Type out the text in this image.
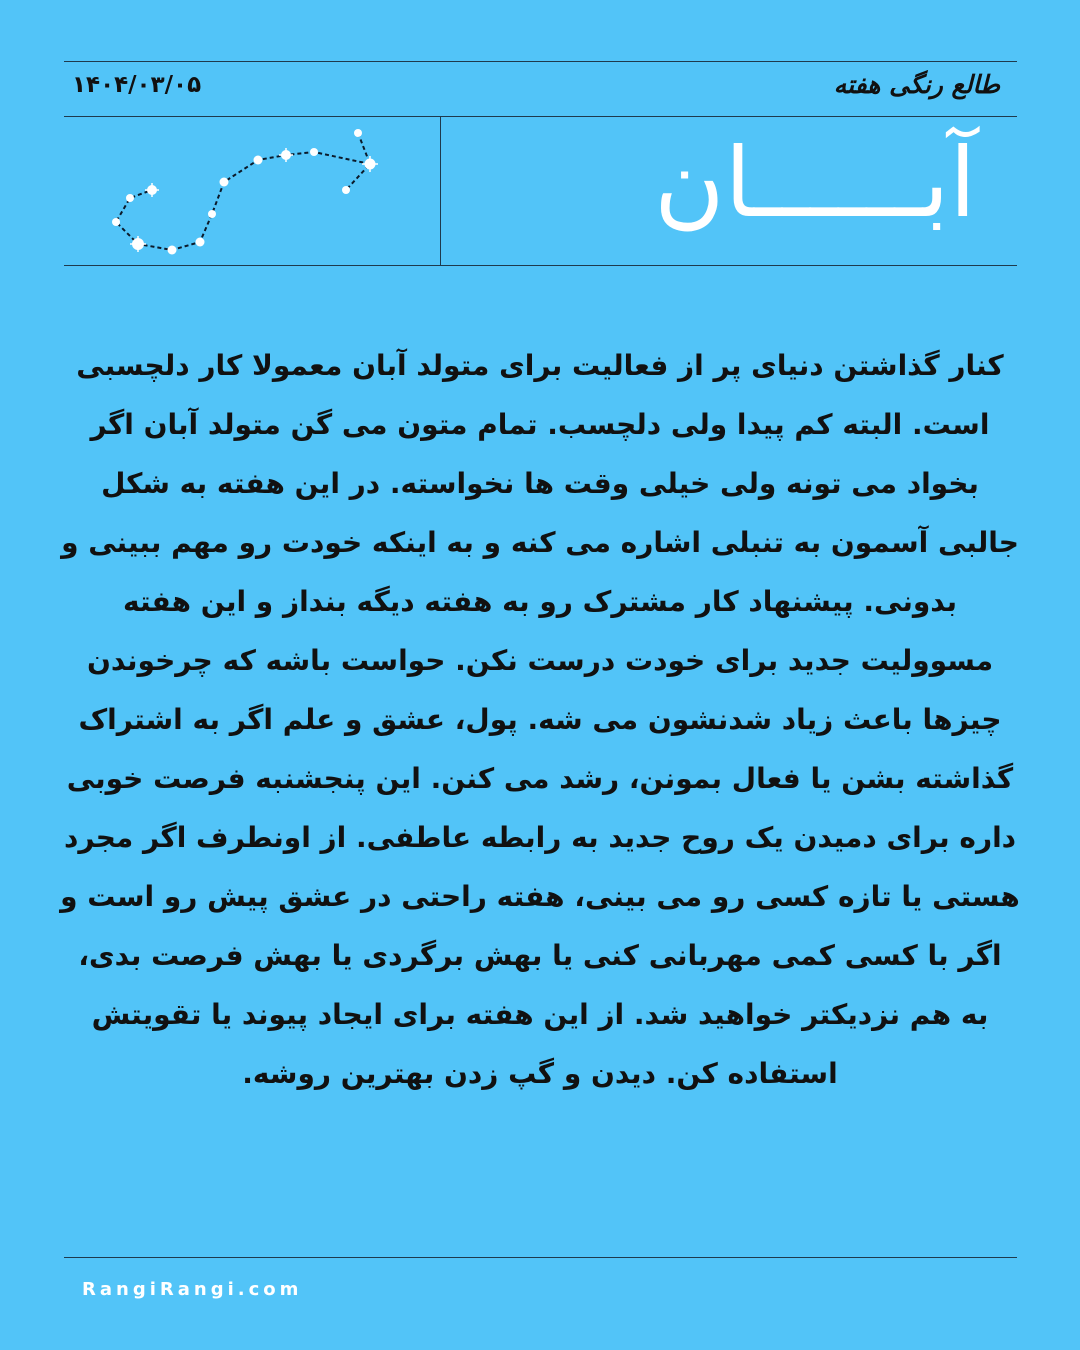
طالع رنگی هفته
۱۴۰۴/۰۳/۰۵
آبــــــان

کنار گذاشتن دنیای پر از فعالیت برای متولد آبان معمولا کار دلچسبی است. البته کم پیدا ولی دلچسب. تمام متون می گن متولد آبان اگر بخواد می تونه ولی خیلی وقت ها نخواسته. در این هفته به شکل جالبی آسمون به تنبلی اشاره می کنه و به اینکه خودت رو مهم ببینی و بدونی. پیشنهاد کار مشترک رو به هفته دیگه بنداز و این هفته مسوولیت جدید برای خودت درست نکن. حواست باشه که چرخوندن چیزها باعث زیاد شدنشون می شه. پول، عشق و علم اگر به اشتراک گذاشته بشن یا فعال بمونن، رشد می کنن. این پنجشنبه فرصت خوبی داره برای دمیدن یک روح جدید به رابطه عاطفی. از اونطرف اگر مجرد هستی یا تازه کسی رو می بینی، هفته راحتی در عشق پیش رو است و اگر با کسی کمی مهربانی کنی یا بهش برگردی یا بهش فرصت بدی، به هم نزدیکتر خواهید شد. از این هفته برای ایجاد پیوند یا تقویتش استفاده کن. دیدن و گپ زدن بهترین روشه.

RangiRangi.com
